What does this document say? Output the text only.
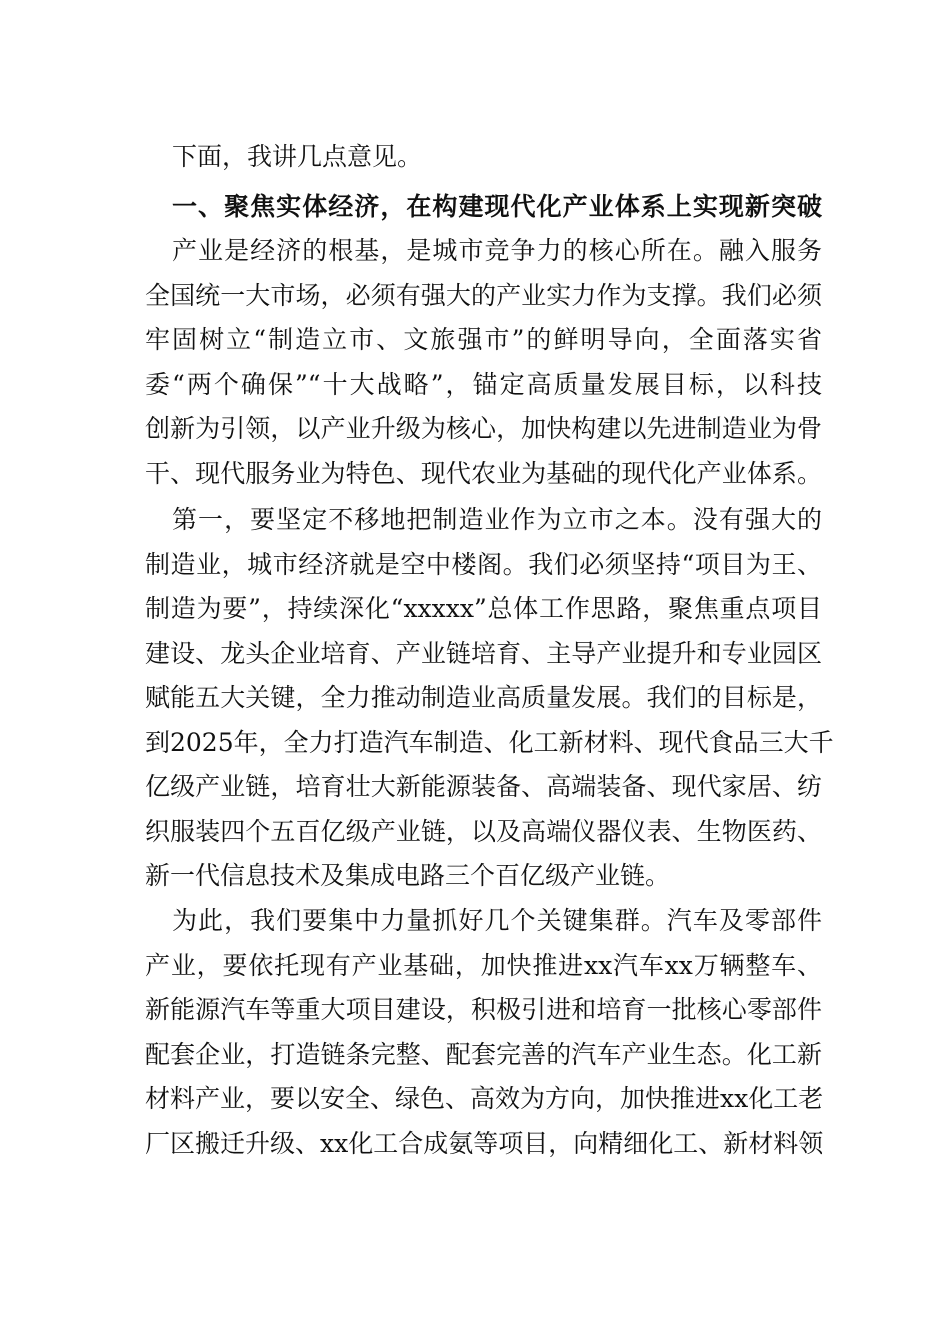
下面，我讲几点意见。
一、聚焦实体经济，在构建现代化产业体系上实现新突破
产业是经济的根基，是城市竞争力的核心所在。融入服务
全国统一大市场，必须有强大的产业实力作为支撑。我们必须
牢固树立“制造立市、文旅强市”的鲜明导向，全面落实省
委“两个确保”“十大战略”，锚定高质量发展目标，以科技
创新为引领，以产业升级为核心，加快构建以先进制造业为骨
干、现代服务业为特色、现代农业为基础的现代化产业体系。
第一，要坚定不移地把制造业作为立市之本。没有强大的
制造业，城市经济就是空中楼阁。我们必须坚持“项目为王、
制造为要”，持续深化“xxxxx”总体工作思路，聚焦重点项目
建设、龙头企业培育、产业链培育、主导产业提升和专业园区
赋能五大关键，全力推动制造业高质量发展。我们的目标是，
到2025年，全力打造汽车制造、化工新材料、现代食品三大千
亿级产业链，培育壮大新能源装备、高端装备、现代家居、纺
织服装四个五百亿级产业链，以及高端仪器仪表、生物医药、
新一代信息技术及集成电路三个百亿级产业链。
为此，我们要集中力量抓好几个关键集群。汽车及零部件
产业，要依托现有产业基础，加快推进xx汽车xx万辆整车、
新能源汽车等重大项目建设，积极引进和培育一批核心零部件
配套企业，打造链条完整、配套完善的汽车产业生态。化工新
材料产业，要以安全、绿色、高效为方向，加快推进xx化工老
厂区搬迁升级、xx化工合成氨等项目，向精细化工、新材料领
